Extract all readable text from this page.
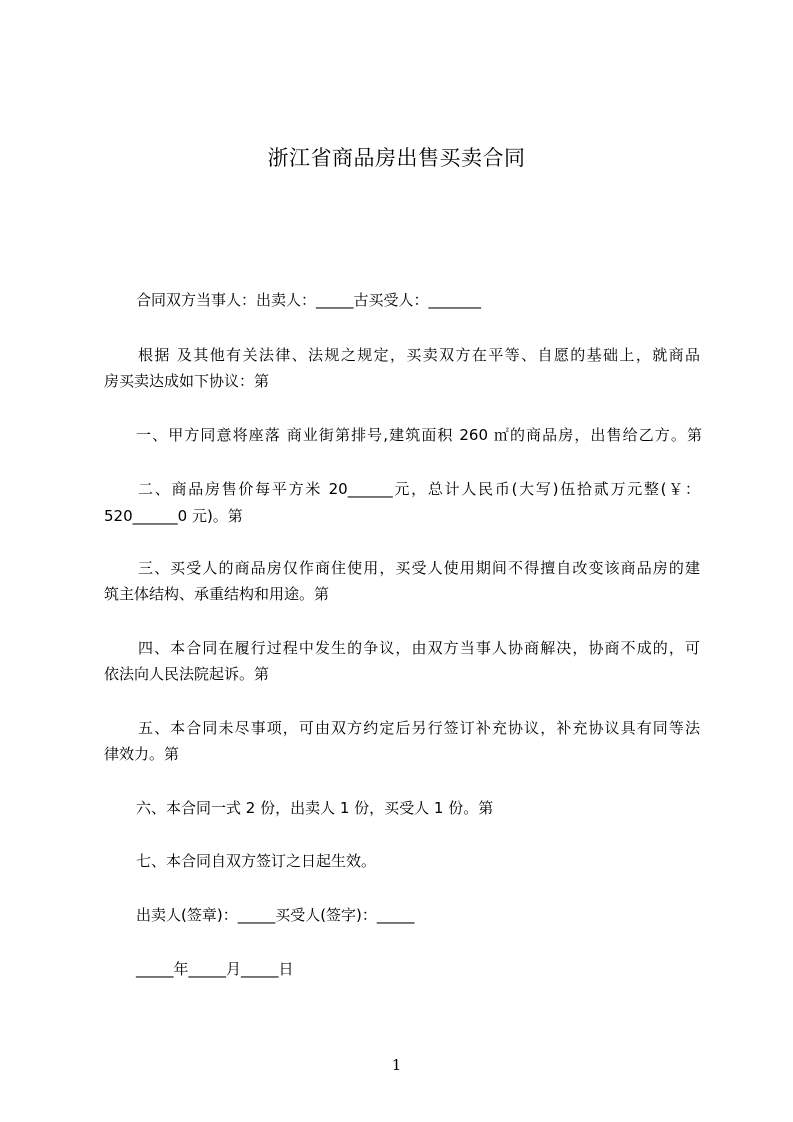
浙江省商品房出售买卖合同
合同双方当事人：出卖人：_____古买受人：_______
根据 及其他有关法律、法规之规定，买卖双方在平等、自愿的基础上，就商品
房买卖达成如下协议：第
一、甲方同意将座落 商业街第排号,建筑面积 260 ㎡的商品房，出售给乙方。第
二、商品房售价每平方米 20______元，总计人民币(大写)伍拾贰万元整(￥：
520______0 元)。第
三、买受人的商品房仅作商住使用，买受人使用期间不得擅自改变该商品房的建
筑主体结构、承重结构和用途。第
四、本合同在履行过程中发生的争议，由双方当事人协商解决，协商不成的，可
依法向人民法院起诉。第
五、本合同未尽事项，可由双方约定后另行签订补充协议，补充协议具有同等法
律效力。第
六、本合同一式 2 份，出卖人 1 份，买受人 1 份。第
七、本合同自双方签订之日起生效。
出卖人(签章)：_____买受人(签字)：_____
_____年_____月_____日
1
